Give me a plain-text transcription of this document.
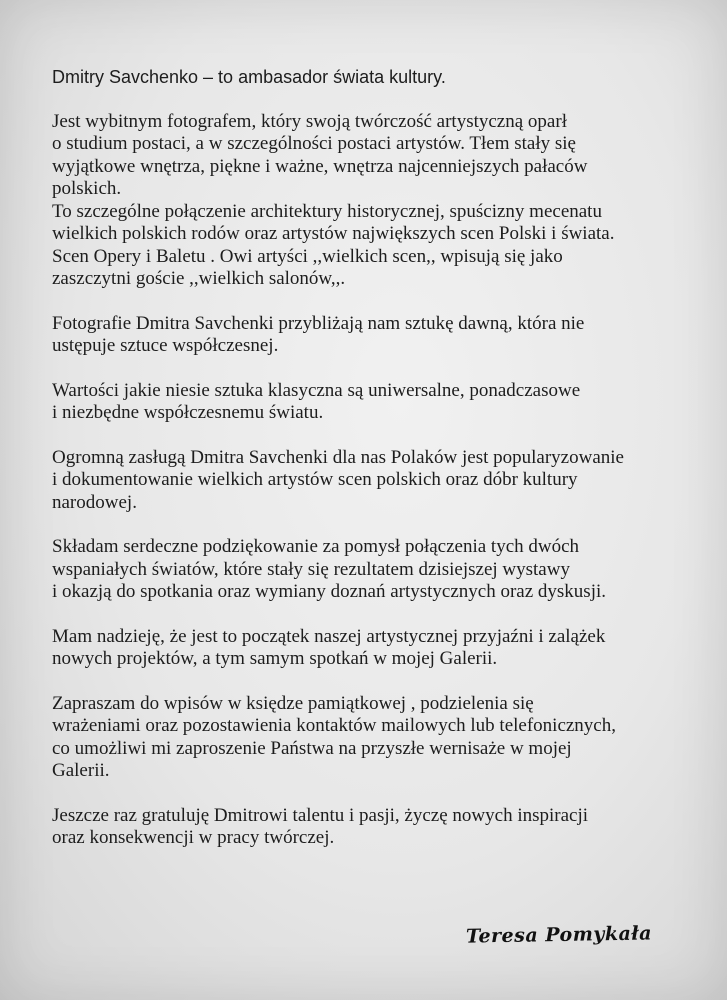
Dmitry Savchenko – to ambasador świata kultury.
Jest wybitnym fotografem, który swoją twórczość artystyczną oparł
o studium postaci, a w szczególności postaci artystów. Tłem stały się
wyjątkowe wnętrza, piękne i ważne, wnętrza najcenniejszych pałaców
polskich.
To szczególne połączenie architektury historycznej, spuścizny mecenatu
wielkich polskich rodów oraz artystów największych scen Polski i świata.
Scen Opery i Baletu . Owi artyści ,,wielkich scen,, wpisują się jako
zaszczytni goście ,,wielkich salonów,,.
Fotografie Dmitra Savchenki przybliżają nam sztukę dawną, która nie
ustępuje sztuce współczesnej.
Wartości jakie niesie sztuka klasyczna są uniwersalne, ponadczasowe
i niezbędne współczesnemu światu.
Ogromną zasługą Dmitra Savchenki dla nas Polaków jest popularyzowanie
i dokumentowanie wielkich artystów scen polskich oraz dóbr kultury
narodowej.
Składam serdeczne podziękowanie za pomysł połączenia tych dwóch
wspaniałych światów, które stały się rezultatem dzisiejszej wystawy
i okazją do spotkania oraz wymiany doznań artystycznych oraz dyskusji.
Mam nadzieję, że jest to początek naszej artystycznej przyjaźni i zalążek
nowych projektów, a tym samym spotkań w mojej Galerii.
Zapraszam do wpisów w księdze pamiątkowej , podzielenia się
wrażeniami oraz pozostawienia kontaktów mailowych lub telefonicznych,
co umożliwi mi zaproszenie Państwa na przyszłe wernisaże w mojej
Galerii.
Jeszcze raz gratuluję Dmitrowi talentu i pasji, życzę nowych inspiracji
oraz konsekwencji w pracy twórczej.
Teresa Pomykała
